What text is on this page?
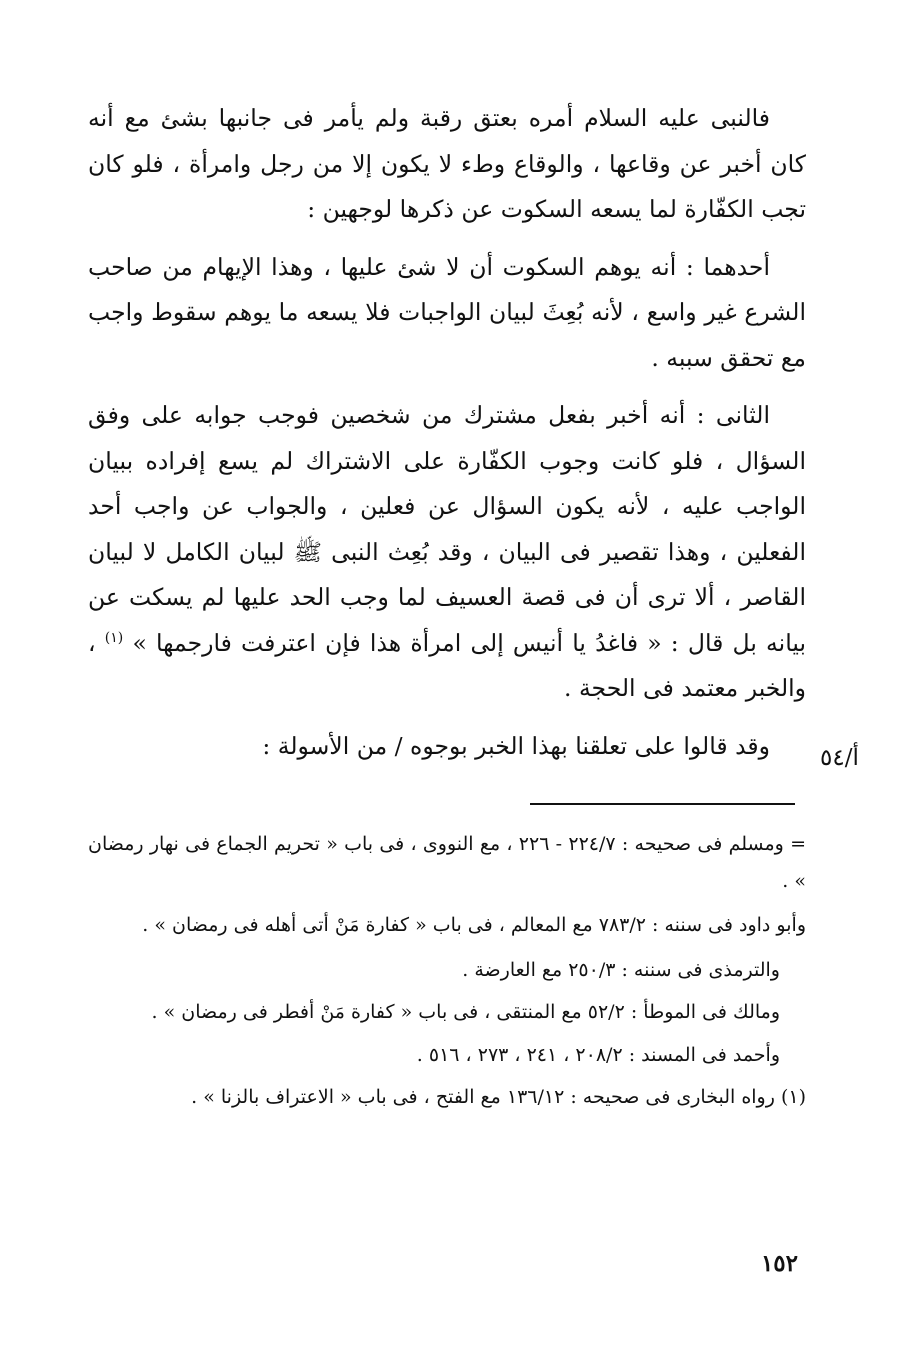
فالنبى عليه السلام أمره بعتق رقبة ولم يأمر فى جانبها بشئ مع أنه كان أخبر عن وقاعها ، والوقاع وطء لا يكون إلا من رجل وامرأة ، فلو كان تجب الكفّارة لما يسعه السكوت عن ذكرها لوجهين :

أحدهما : أنه يوهم السكوت أن لا شئ عليها ، وهذا الإيهام من صاحب الشرع غير واسع ، لأنه بُعِثَ لبيان الواجبات فلا يسعه ما يوهم سقوط واجب مع تحقق سببه .

الثانى : أنه أخبر بفعل مشترك من شخصين فوجب جوابه على وفق السؤال ، فلو كانت وجوب الكفّارة على الاشتراك لم يسع إفراده ببيان الواجب عليه ، لأنه يكون السؤال عن فعلين ، والجواب عن واجب أحد الفعلين ، وهذا تقصير فى البيان ، وقد بُعِث النبى ﷺ لبيان الكامل لا لبيان القاصر ، ألا ترى أن فى قصة العسيف لما وجب الحد عليها لم يسكت عن بيانه بل قال : « فاغدُ يا أنيس إلى امرأة هذا فإن اعترفت فارجمها » $^{(١)}$ ، والخبر معتمد فى الحجة .

وقد قالوا على تعلقنا بهذا الخبر بوجوه / من الأسولة :	أ/٥٤

= ومسلم فى صحيحه : ٢٢٤/٧ - ٢٢٦ ، مع النووى ، فى باب « تحريم الجماع فى نهار رمضان » .

وأبو داود فى سننه : ٧٨٣/٢ مع المعالم ، فى باب « كفارة مَنْ أتى أهله فى رمضان » .

والترمذى فى سننه : ٢٥٠/٣ مع العارضة .

ومالك فى الموطأ : ٥٢/٢ مع المنتقى ، فى باب « كفارة مَنْ أفطر فى رمضان » .

وأحمد فى المسند : ٢٠٨/٢ ، ٢٤١ ، ٢٧٣ ، ٥١٦ .

(١) رواه البخارى فى صحيحه : ١٣٦/١٢ مع الفتح ، فى باب « الاعتراف بالزنا » .

١٥٢
